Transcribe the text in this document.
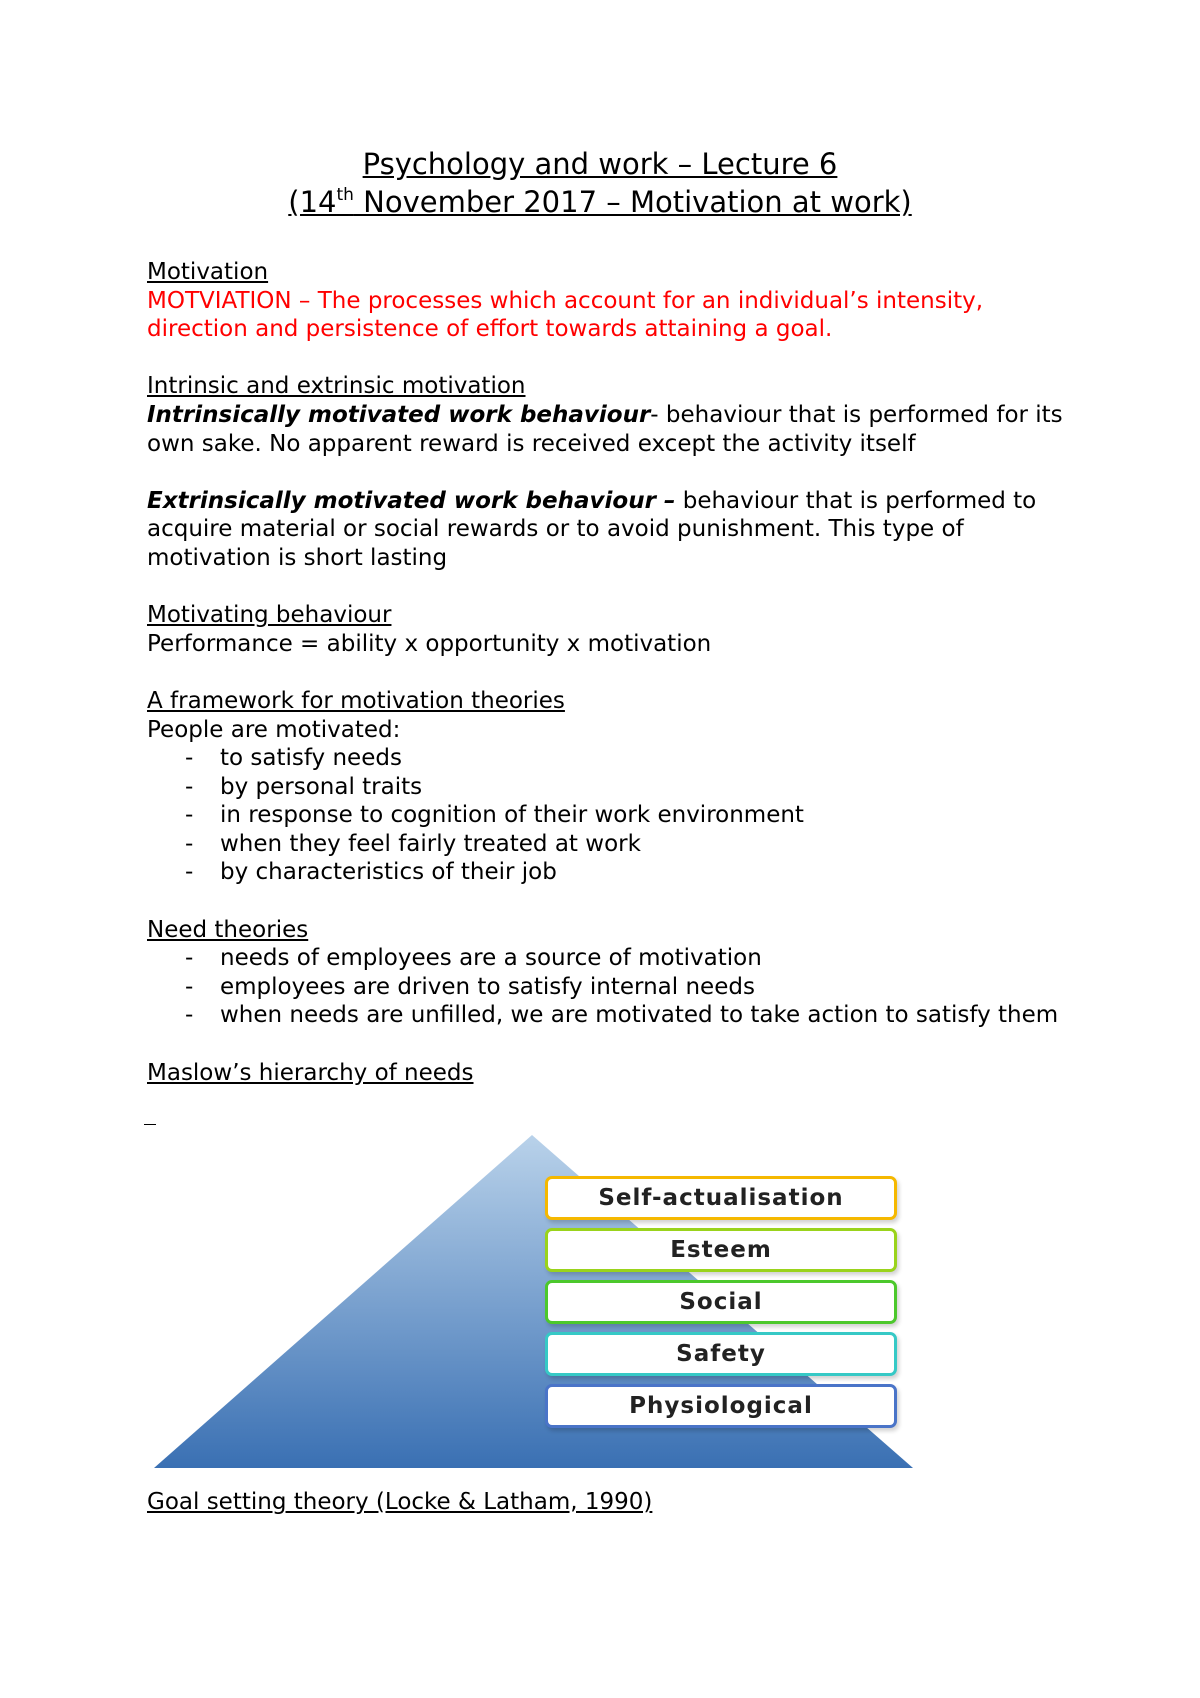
Psychology and work – Lecture 6
(14th November 2017 – Motivation at work)

Motivation

MOTVIATION – The processes which account for an individual’s intensity, direction and persistence of effort towards attaining a goal.

Intrinsic and extrinsic motivation

Intrinsically motivated work behaviour- behaviour that is performed for its own sake. No apparent reward is received except the activity itself

Extrinsically motivated work behaviour – behaviour that is performed to acquire material or social rewards or to avoid punishment. This type of motivation is short lasting

Motivating behaviour

Performance = ability x opportunity x motivation

A framework for motivation theories

People are motivated:

- to satisfy needs
- by personal traits
- in response to cognition of their work environment
- when they feel fairly treated at work
- by characteristics of their job

Need theories

- needs of employees are a source of motivation
- employees are driven to satisfy internal needs
- when needs are unfilled, we are motivated to take action to satisfy them

Maslow’s hierarchy of needs

Self-actualisation
Esteem
Social
Safety
Physiological
Goal setting theory (Locke & Latham, 1990)
